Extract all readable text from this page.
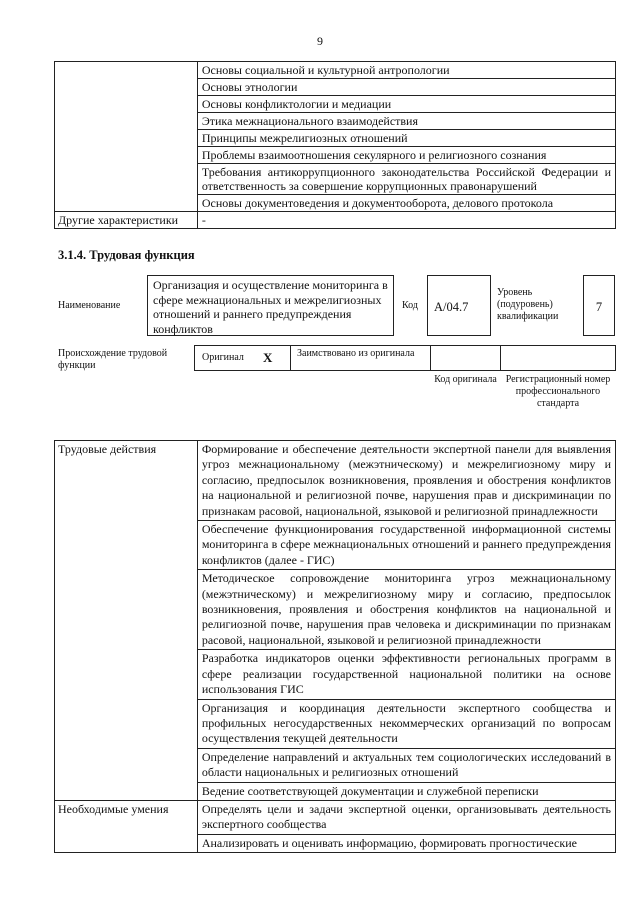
9
	Основы социальной и культурной антропологии
	Основы этнологии
	Основы конфликтологии и медиации
	Этика межнационального взаимодействия
	Принципы межрелигиозных отношений
	Проблемы взаимоотношения секулярного и религиозного сознания
	Требования антикоррупционного законодательства Российской Федерации и ответственность за совершение коррупционных правонарушений
	Основы документоведения и документооборота, делового протокола
Другие характеристики	-
3.1.4. Трудовая функция
Наименование
Организация и осуществление мониторинга в сфере межнациональных и межрелигиозных отношений и раннего предупреждения конфликтов
Код А/04.7
Уровень (подуровень) квалификации
7
Происхождение трудовой функции
Оригинал X Заимствовано из оригинала
Код оригинала Регистрационный номер профессионального стандарта
Трудовые действия	Формирование и обеспечение деятельности экспертной панели для выявления угроз межнациональному (межэтническому) и межрелигиозному миру и согласию, предпосылок возникновения, проявления и обострения конфликтов на национальной и религиозной почве, нарушения прав и дискриминации по признакам расовой, национальной, языковой и религиозной принадлежности
	Обеспечение функционирования государственной информационной системы мониторинга в сфере межнациональных отношений и раннего предупреждения конфликтов (далее - ГИС)
	Методическое сопровождение мониторинга угроз межнациональному (межэтническому) и межрелигиозному миру и согласию, предпосылок возникновения, проявления и обострения конфликтов на национальной и религиозной почве, нарушения прав человека и дискриминации по признакам расовой, национальной, языковой и религиозной принадлежности
	Разработка индикаторов оценки эффективности региональных программ в сфере реализации государственной национальной политики на основе использования ГИС
	Организация и координация деятельности экспертного сообщества и профильных негосударственных некоммерческих организаций по вопросам осуществления текущей деятельности
	Определение направлений и актуальных тем социологических исследований в области национальных и религиозных отношений
	Ведение соответствующей документации и служебной переписки
Необходимые умения	Определять цели и задачи экспертной оценки, организовывать деятельность экспертного сообщества
	Анализировать и оценивать информацию, формировать прогностические
